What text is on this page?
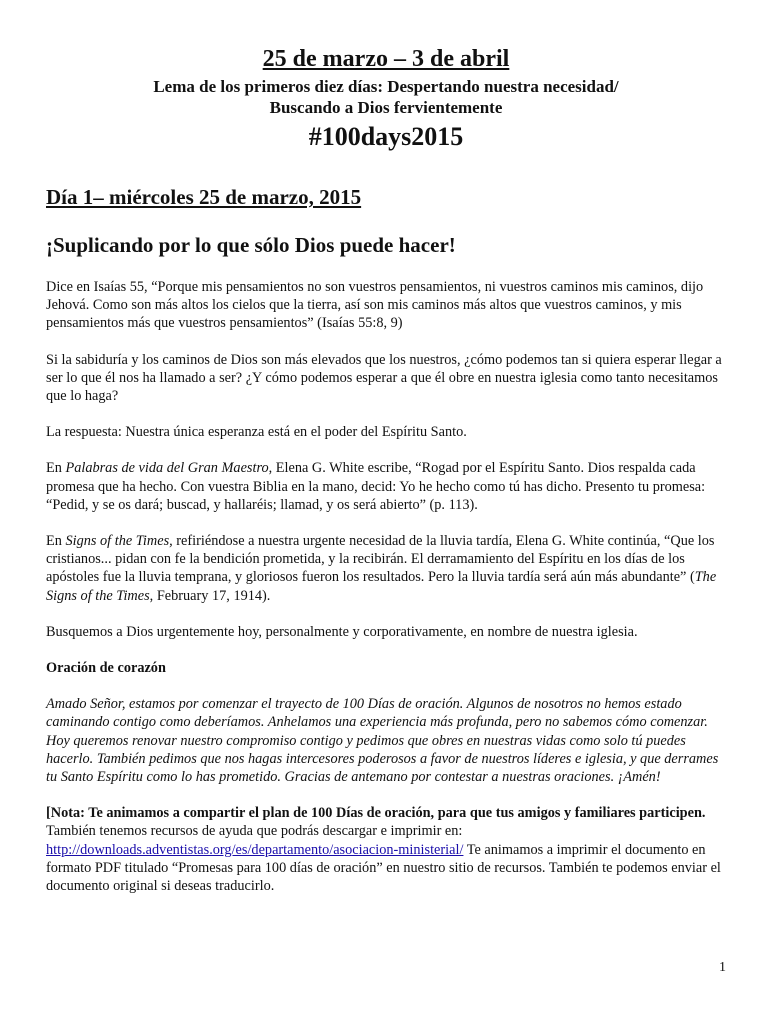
25 de marzo – 3 de abril
Lema de los primeros diez días: Despertando nuestra necesidad/
Buscando a Dios fervientemente
#100days2015
Día 1– miércoles 25 de marzo, 2015
¡Suplicando por lo que sólo Dios puede hacer!

Dice en Isaías 55, “Porque mis pensamientos no son vuestros pensamientos, ni vuestros caminos mis caminos, dijo Jehová. Como son más altos los cielos que la tierra, así son mis caminos más altos que vuestros caminos, y mis pensamientos más que vuestros pensamientos” (Isaías 55:8, 9)

Si la sabiduría y los caminos de Dios son más elevados que los nuestros, ¿cómo podemos tan si quiera esperar llegar a ser lo que él nos ha llamado a ser? ¿Y cómo podemos esperar a que él obre en nuestra iglesia como tanto necesitamos que lo haga?

La respuesta: Nuestra única esperanza está en el poder del Espíritu Santo.

En Palabras de vida del Gran Maestro, Elena G. White escribe, “Rogad por el Espíritu Santo. Dios respalda cada promesa que ha hecho. Con vuestra Biblia en la mano, decid: Yo he hecho como tú has dicho. Presento tu promesa: “Pedid, y se os dará; buscad, y hallaréis; llamad, y os será abierto” (p. 113).

En Signs of the Times, refiriéndose a nuestra urgente necesidad de la lluvia tardía, Elena G. White continúa, “Que los cristianos... pidan con fe la bendición prometida, y la recibirán. El derramamiento del Espíritu en los días de los apóstoles fue la lluvia temprana, y gloriosos fueron los resultados. Pero la lluvia tardía será aún más abundante” (The Signs of the Times, February 17, 1914).

Busquemos a Dios urgentemente hoy, personalmente y corporativamente, en nombre de nuestra iglesia.

Oración de corazón

Amado Señor, estamos por comenzar el trayecto de 100 Días de oración. Algunos de nosotros no hemos estado caminando contigo como deberíamos. Anhelamos una experiencia más profunda, pero no sabemos cómo comenzar. Hoy queremos renovar nuestro compromiso contigo y pedimos que obres en nuestras vidas como solo tú puedes hacerlo. También pedimos que nos hagas intercesores poderosos a favor de nuestros líderes e iglesia, y que derrames tu Santo Espíritu como lo has prometido. Gracias de antemano por contestar a nuestras oraciones. ¡Amén!

[Nota: Te animamos a compartir el plan de 100 Días de oración, para que tus amigos y familiares participen. También tenemos recursos de ayuda que podrás descargar e imprimir en: http://downloads.adventistas.org/es/departamento/asociacion-ministerial/ Te animamos a imprimir el documento en formato PDF titulado “Promesas para 100 días de oración” en nuestro sitio de recursos. También te podemos enviar el documento original si deseas traducirlo.

1
